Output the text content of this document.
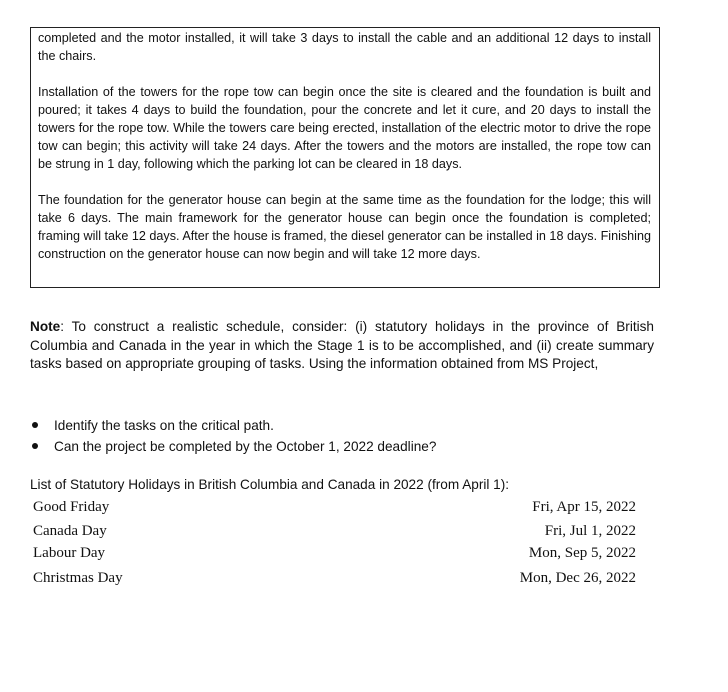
completed and the motor installed, it will take 3 days to install the cable and an additional 12 days to install the chairs.

Installation of the towers for the rope tow can begin once the site is cleared and the foundation is built and poured; it takes 4 days to build the foundation, pour the concrete and let it cure, and 20 days to install the towers for the rope tow. While the towers care being erected, installation of the electric motor to drive the rope tow can begin; this activity will take 24 days. After the towers and the motors are installed, the rope tow can be strung in 1 day, following which the parking lot can be cleared in 18 days.

The foundation for the generator house can begin at the same time as the foundation for the lodge; this will take 6 days. The main framework for the generator house can begin once the foundation is completed; framing will take 12 days. After the house is framed, the diesel generator can be installed in 18 days. Finishing construction on the generator house can now begin and will take 12 more days.

Note: To construct a realistic schedule, consider: (i) statutory holidays in the province of British Columbia and Canada in the year in which the Stage 1 is to be accomplished, and (ii) create summary tasks based on appropriate grouping of tasks. Using the information obtained from MS Project,

Identify the tasks on the critical path.
Can the project be completed by the October 1, 2022 deadline?

List of Statutory Holidays in British Columbia and Canada in 2022 (from April 1):

Good Friday	Fri, Apr 15, 2022
Canada Day	Fri, Jul 1, 2022
Labour Day	Mon, Sep 5, 2022
Christmas Day	Mon, Dec 26, 2022
